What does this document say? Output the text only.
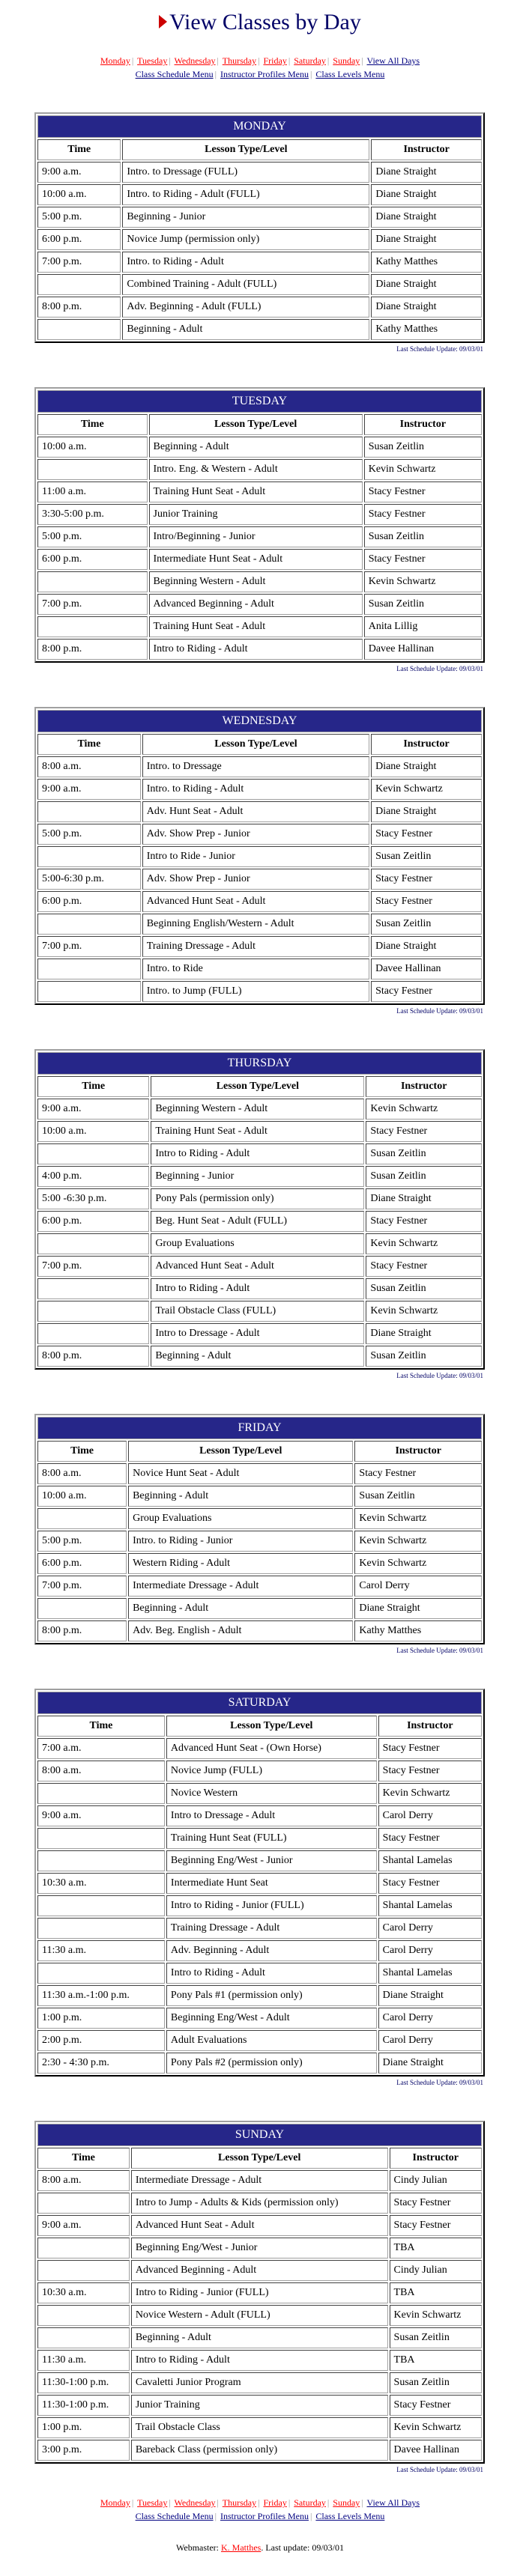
View Classes by Day
Monday | Tuesday | Wednesday | Thursday | Friday | Saturday | Sunday | View All Days
Class Schedule Menu | Instructor Profiles Menu | Class Levels Menu
MONDAY		
Time	Lesson Type/Level	Instructor
9:00 a.m.	Intro. to Dressage (FULL)	Diane Straight
10:00 a.m.	Intro. to Riding - Adult (FULL)	Diane Straight
5:00 p.m.	Beginning - Junior	Diane Straight
6:00 p.m.	Novice Jump (permission only)	Diane Straight
7:00 p.m.	Intro. to Riding - Adult	Kathy Matthes
	Combined Training - Adult (FULL)	Diane Straight
8:00 p.m.	Adv. Beginning - Adult (FULL)	Diane Straight
	Beginning - Adult	Kathy Matthes
Last Schedule Update: 09/03/01
TUESDAY		
Time	Lesson Type/Level	Instructor
10:00 a.m.	Beginning - Adult	Susan Zeitlin
	Intro. Eng. & Western - Adult	Kevin Schwartz
11:00 a.m.	Training Hunt Seat - Adult	Stacy Festner
3:30-5:00 p.m.	Junior Training	Stacy Festner
5:00 p.m.	Intro/Beginning - Junior	Susan Zeitlin
6:00 p.m.	Intermediate Hunt Seat - Adult	Stacy Festner
	Beginning Western - Adult	Kevin Schwartz
7:00 p.m.	Advanced Beginning - Adult	Susan Zeitlin
	Training Hunt Seat - Adult	Anita Lillig
8:00 p.m.	Intro to Riding - Adult	Davee Hallinan
Last Schedule Update: 09/03/01
WEDNESDAY		
Time	Lesson Type/Level	Instructor
8:00 a.m.	Intro. to Dressage	Diane Straight
9:00 a.m.	Intro. to Riding - Adult	Kevin Schwartz
	Adv. Hunt Seat - Adult	Diane Straight
5:00 p.m.	Adv. Show Prep - Junior	Stacy Festner
	Intro to Ride - Junior	Susan Zeitlin
5:00-6:30 p.m.	Adv. Show Prep - Junior	Stacy Festner
6:00 p.m.	Advanced Hunt Seat - Adult	Stacy Festner
	Beginning English/Western - Adult	Susan Zeitlin
7:00 p.m.	Training Dressage - Adult	Diane Straight
	Intro. to Ride	Davee Hallinan
	Intro. to Jump (FULL)	Stacy Festner
Last Schedule Update: 09/03/01
THURSDAY		
Time	Lesson Type/Level	Instructor
9:00 a.m.	Beginning Western - Adult	Kevin Schwartz
10:00 a.m.	Training Hunt Seat - Adult	Stacy Festner
	Intro to Riding - Adult	Susan Zeitlin
4:00 p.m.	Beginning - Junior	Susan Zeitlin
5:00 -6:30 p.m.	Pony Pals (permission only)	Diane Straight
6:00 p.m.	Beg. Hunt Seat - Adult (FULL)	Stacy Festner
	Group Evaluations	Kevin Schwartz
7:00 p.m.	Advanced Hunt Seat - Adult	Stacy Festner
	Intro to Riding - Adult	Susan Zeitlin
	Trail Obstacle Class (FULL)	Kevin Schwartz
	Intro to Dressage - Adult	Diane Straight
8:00 p.m.	Beginning - Adult	Susan Zeitlin
Last Schedule Update: 09/03/01
FRIDAY		
Time	Lesson Type/Level	Instructor
8:00 a.m.	Novice Hunt Seat - Adult	Stacy Festner
10:00 a.m.	Beginning - Adult	Susan Zeitlin
	Group Evaluations	Kevin Schwartz
5:00 p.m.	Intro. to Riding - Junior	Kevin Schwartz
6:00 p.m.	Western Riding - Adult	Kevin Schwartz
7:00 p.m.	Intermediate Dressage - Adult	Carol Derry
	Beginning - Adult	Diane Straight
8:00 p.m.	Adv. Beg. English - Adult	Kathy Matthes
Last Schedule Update: 09/03/01
SATURDAY		
Time	Lesson Type/Level	Instructor
7:00 a.m.	Advanced Hunt Seat - (Own Horse)	Stacy Festner
8:00 a.m.	Novice Jump (FULL)	Stacy Festner
	Novice Western	Kevin Schwartz
9:00 a.m.	Intro to Dressage - Adult	Carol Derry
	Training Hunt Seat (FULL)	Stacy Festner
	Beginning Eng/West - Junior	Shantal Lamelas
10:30 a.m.	Intermediate Hunt Seat	Stacy Festner
	Intro to Riding - Junior (FULL)	Shantal Lamelas
	Training Dressage - Adult	Carol Derry
11:30 a.m.	Adv. Beginning - Adult	Carol Derry
	Intro to Riding - Adult	Shantal Lamelas
11:30 a.m.-1:00 p.m.	Pony Pals #1 (permission only)	Diane Straight
1:00 p.m.	Beginning Eng/West - Adult	Carol Derry
2:00 p.m.	Adult Evaluations	Carol Derry
2:30 - 4:30 p.m.	Pony Pals #2 (permission only)	Diane Straight
Last Schedule Update: 09/03/01
SUNDAY		
Time	Lesson Type/Level	Instructor
8:00 a.m.	Intermediate Dressage - Adult	Cindy Julian
	Intro to Jump - Adults & Kids (permission only)	Stacy Festner
9:00 a.m.	Advanced Hunt Seat - Adult	Stacy Festner
	Beginning Eng/West - Junior	TBA
	Advanced Beginning - Adult	Cindy Julian
10:30 a.m.	Intro to Riding - Junior (FULL)	TBA
	Novice Western - Adult (FULL)	Kevin Schwartz
	Beginning - Adult	Susan Zeitlin
11:30 a.m.	Intro to Riding - Adult	TBA
11:30-1:00 p.m.	Cavaletti Junior Program	Susan Zeitlin
11:30-1:00 p.m.	Junior Training	Stacy Festner
1:00 p.m.	Trail Obstacle Class	Kevin Schwartz
3:00 p.m.	Bareback Class (permission only)	Davee Hallinan
Last Schedule Update: 09/03/01
Monday | Tuesday | Wednesday | Thursday | Friday | Saturday | Sunday | View All Days
Class Schedule Menu | Instructor Profiles Menu | Class Levels Menu
Webmaster: K. Matthes. Last update: 09/03/01
